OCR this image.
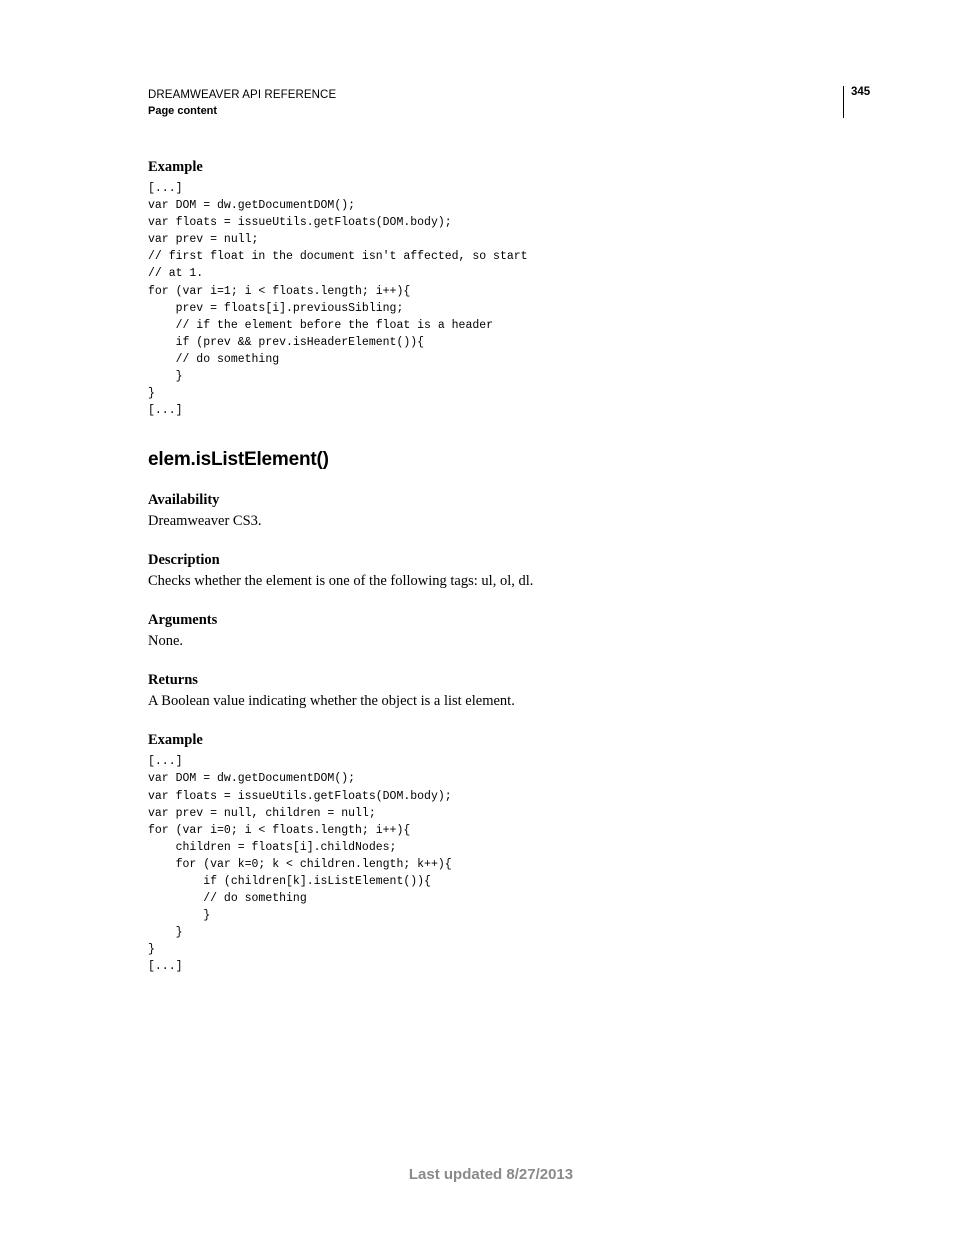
DREAMWEAVER API REFERENCE
Page content
345

Example

[...]
var DOM = dw.getDocumentDOM();
var floats = issueUtils.getFloats(DOM.body);
var prev = null;
// first float in the document isn't affected, so start
// at 1.
for (var i=1; i < floats.length; i++){
prev = floats[i].previousSibling;
// if the element before the float is a header
if (prev && prev.isHeaderElement()){
// do something
}
}
[...]
elem.isListElement()

Availability

Dreamweaver CS3.

Description

Checks whether the element is one of the following tags: ul, ol, dl.

Arguments

None.

Returns

A Boolean value indicating whether the object is a list element.

Example

[...]
var DOM = dw.getDocumentDOM();
var floats = issueUtils.getFloats(DOM.body);
var prev = null, children = null;
for (var i=0; i < floats.length; i++){
children = floats[i].childNodes;
for (var k=0; k < children.length; k++){
if (children[k].isListElement()){
// do something
}
}
}
[...]
Last updated 8/27/2013
